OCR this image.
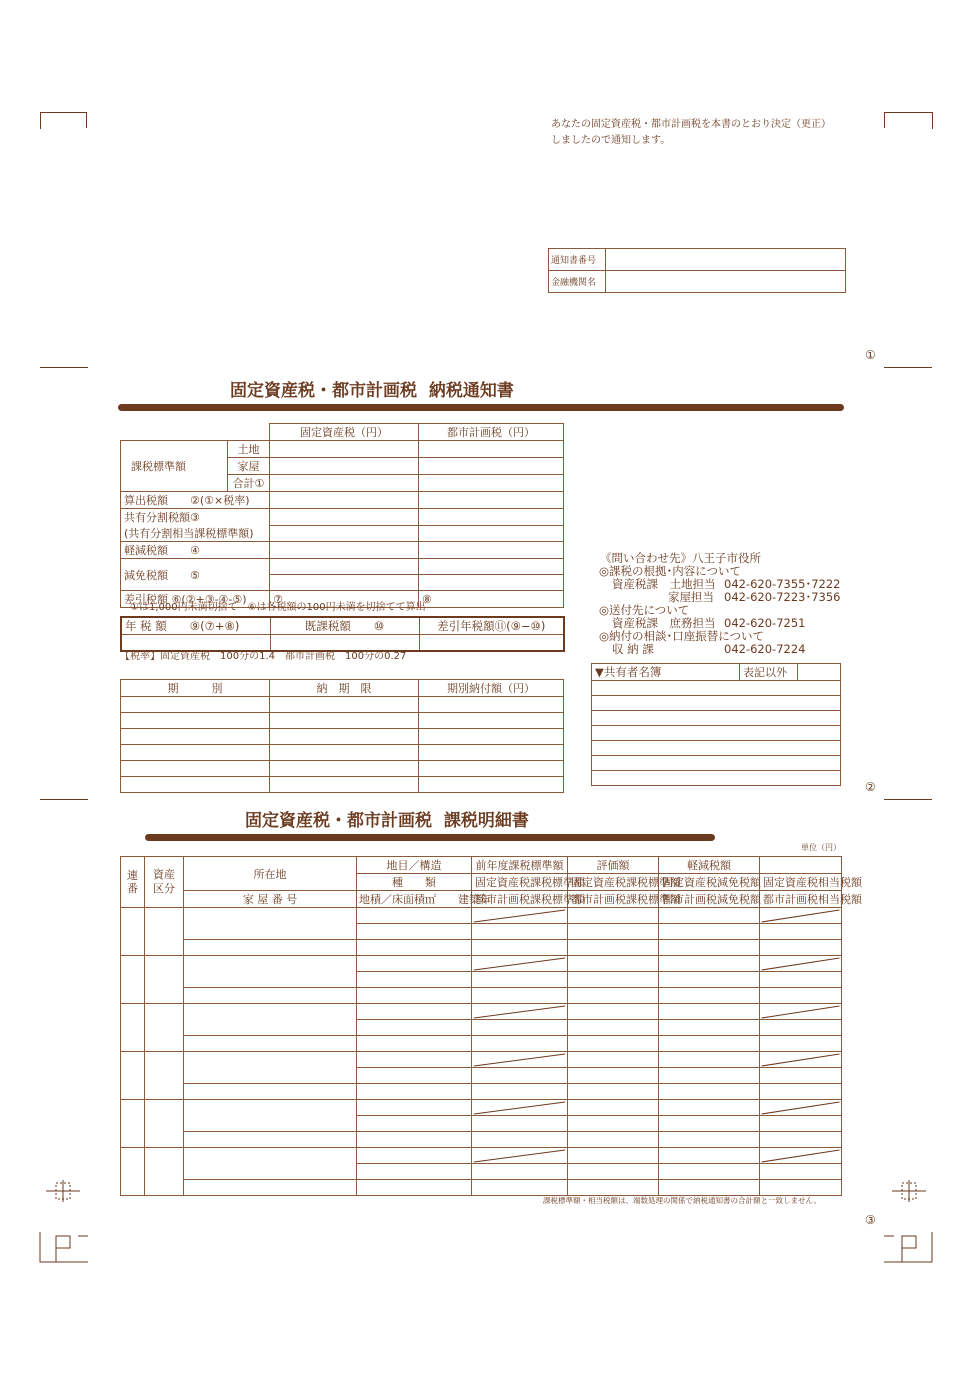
①
②
③
あなたの固定資産税・都市計画税を本書のとおり決定（更正）
しましたので通知します。
通知書番号	
金融機関名	
固定資産税・都市計画税  納税通知書
		固定資産税（円）	都市計画税（円）
課税標準額	土地		
	家屋		
	合計①		
算出税額　　②(①×税率)			
共有分割税額③			
(共有分割相当課税標準額)			
軽減税額　　④			
減免税額　　⑤			

差引税額 ⑥(②+③-④-⑤)		⑦	⑧
①は1,000円未満切捨て　⑥は各税額の100円未満を切捨てて算出
年 税 額　　⑨(⑦+⑧)	既課税額　　⑩	差引年税額⑪(⑨−⑩)

【税率】固定資産税　100分の1.4　都市計画税　100分の0.27
期　　　別	納　期　限	期別納付額（円）

《問い合わせ先》八王子市役所
◎課税の根拠･内容について
資産税課　土地担当 042-620-7355･7222
家屋担当 042-620-7223･7356
◎送付先について
資産税課　庶務担当 042-620-7251
◎納付の相談･口座振替について
収 納 課	042-620-7224
▼共有者名簿	表記以外	

固定資産税・都市計画税  課税明細書
単位（円）
連番	資産区分	所在地	地目／構造	前年度課税標準額	評価額	軽減税額	
			種　　類	固定資産税課税標準額	固定資産税課税標準額	固定資産税減免税額	固定資産税相当税額
		家 屋 番 号	地積／床面積㎡　　建築年	都市計画税課税標準額	都市計画税課税標準額	都市計画税減免税額	都市計画税相当税額

課税標準額・相当税額は、端数処理の関係で納税通知書の合計額と一致しません。
